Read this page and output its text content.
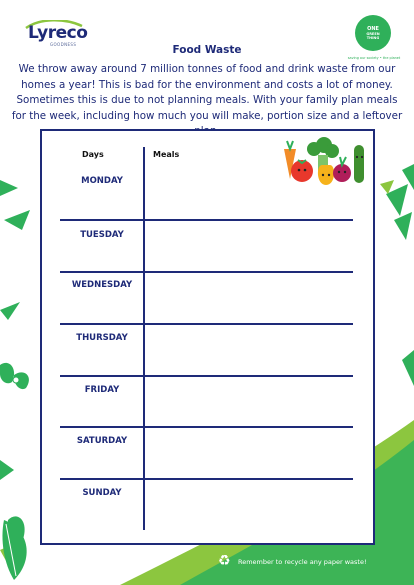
Lyreco
GOODNESS
ONE
GREEN
THING
saving our society • the planet
Food Waste
We throw away around 7 million tonnes of food and drink waste from our homes a year! This is bad for the environment and costs a lot of money. Sometimes this is due to not planning meals. With your family plan meals for the week, including how much you will make, portion size and a leftover
Days	Meals
MONDAY
TUESDAY
WEDNESDAY
THURSDAY
FRIDAY
SATURDAY
SUNDAY
♻ Remember to recycle any paper waste!
